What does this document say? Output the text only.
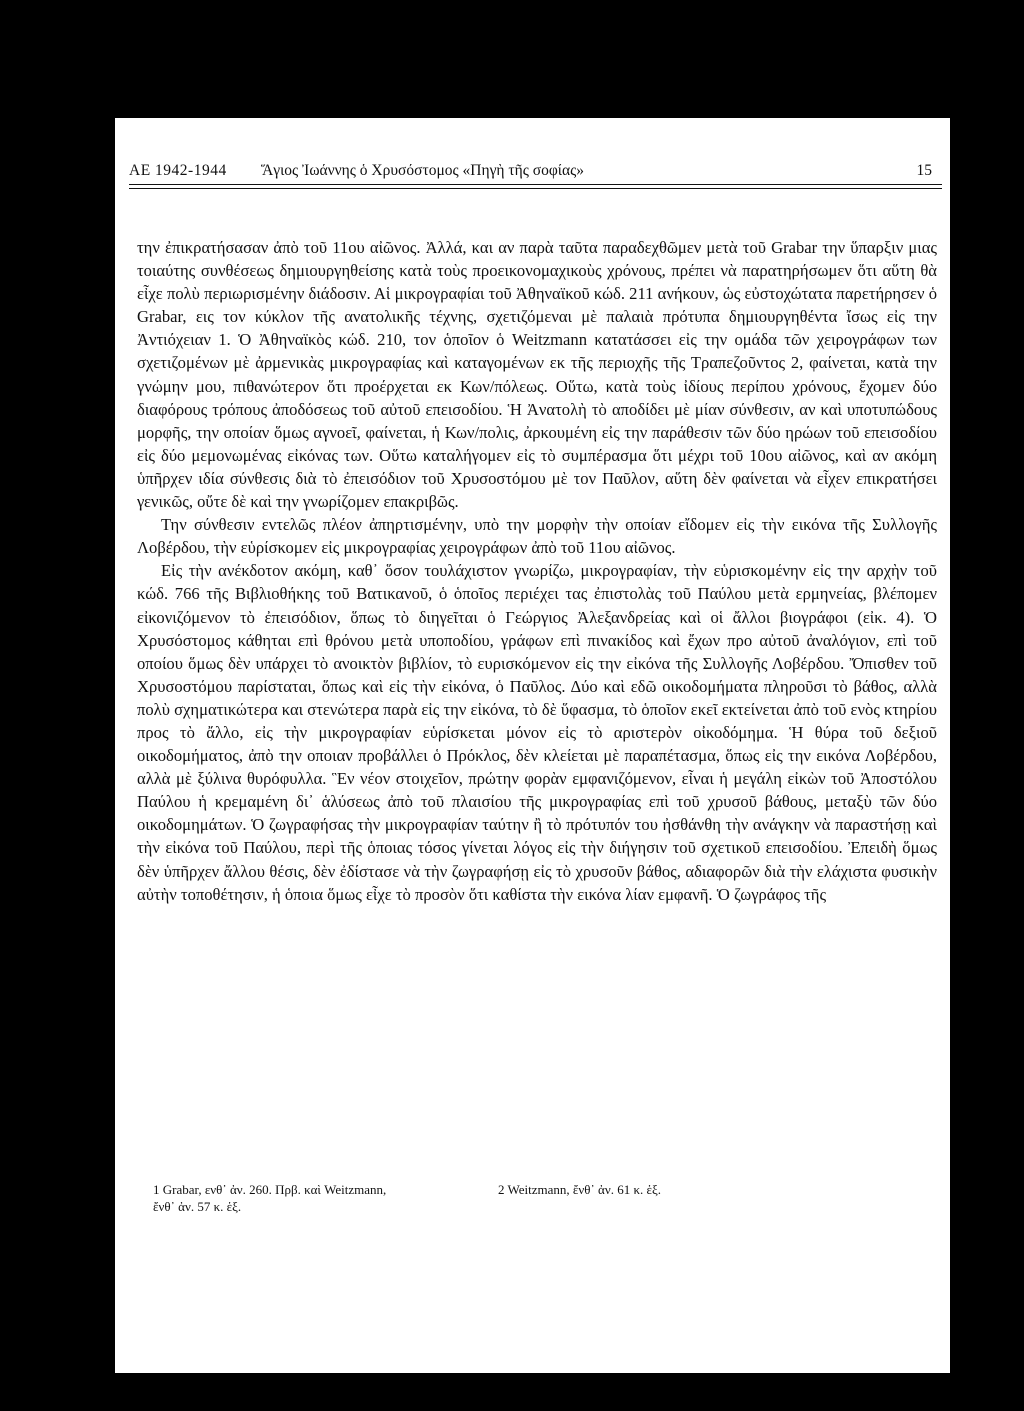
ΑΕ 1942-1944 Ἅγιος Ἰωάννης ὁ Χρυσόστομος «Πηγὴ τῆς σοφίας»	15

την ἐπικρατήσασαν ἀπὸ τοῦ 11ου αἰῶνος. Ἀλλά, και αν παρὰ ταῦτα παραδεχθῶμεν μετὰ τοῦ Grabar την ὕπαρξιν μιας τοιαύτης συνθέσεως δημιουργηθείσης κατὰ τοὺς προεικονομαχικοὺς χρόνους, πρέπει νὰ παρατηρήσωμεν ὅτι αὕτη θὰ εἶχε πολὺ περιωρισμένην διάδοσιν. Αἱ μικρογραφίαι τοῦ Ἀθηναϊκοῦ κώδ. 211 ανήκουν, ὡς εὐστοχώτατα παρετήρησεν ὁ Grabar, εις τον κύκλον τῆς ανατολικῆς τέχνης, σχετιζόμεναι μὲ παλαιὰ πρότυπα δημιουργηθέντα ἴσως εἰς την Ἀντιόχειαν 1. Ὁ Ἀθηναϊκὸς κώδ. 210, τον ὁποῖον ὁ Weitzmann κατατάσσει εἰς την ομάδα τῶν χειρογράφων των σχετιζομένων μὲ ἀρμενικὰς μικρογραφίας καὶ καταγομένων εκ τῆς περιοχῆς τῆς Τραπεζοῦντος 2, φαίνεται, κατὰ την γνώμην μου, πιθανώτερον ὅτι προέρχεται εκ Κων/πόλεως. Οὕτω, κατὰ τοὺς ἰδίους περίπου χρόνους, ἔχομεν δύο διαφόρους τρόπους ἀποδόσεως τοῦ αὐτοῦ επεισοδίου. Ἡ Ἀνατολὴ τὸ αποδίδει μὲ μίαν σύνθεσιν, αν καὶ υποτυπώδους μορφῆς, την οποίαν ὅμως αγνοεῖ, φαίνεται, ἡ Κων/πολις, ἀρκουμένη εἰς την παράθεσιν τῶν δύο ηρώων τοῦ επεισοδίου εἰς δύο μεμονωμένας εἰκόνας των. Οὕτω καταλήγομεν εἰς τὸ συμπέρασμα ὅτι μέχρι τοῦ 10ου αἰῶνος, καὶ αν ακόμη ὑπῆρχεν ιδία σύνθεσις διὰ τὸ ἐπεισόδιον τοῦ Χρυσοστόμου μὲ τον Παῦλον, αὕτη δὲν φαίνεται νὰ εἶχεν επικρατήσει γενικῶς, οὔτε δὲ καὶ την γνωρίζομεν επακριβῶς.

Την σύνθεσιν εντελῶς πλέον ἀπηρτισμένην, υπὸ την μορφὴν τὴν οποίαν εἴδομεν εἰς τὴν εικόνα τῆς Συλλογῆς Λοβέρδου, τὴν εὑρίσκομεν εἰς μικρογραφίας χειρογράφων ἀπὸ τοῦ 11ου αἰῶνος.

Εἰς τὴν ανέκδοτον ακόμη, καθ᾽ ὅσον τουλάχιστον γνωρίζω, μικρογραφίαν, τὴν εὑρισκομένην εἰς την αρχὴν τοῦ κώδ. 766 τῆς Βιβλιοθήκης τοῦ Βατικανοῦ, ὁ ὁποῖος περιέχει τας ἐπιστολὰς τοῦ Παύλου μετὰ ερμηνείας, βλέπομεν εἰκονιζόμενον τὸ ἐπεισόδιον, ὅπως τὸ διηγεῖται ὁ Γεώργιος Ἀλεξανδρείας καὶ οἱ ἄλλοι βιογράφοι (εἰκ. 4). Ὁ Χρυσόστομος κάθηται επὶ θρόνου μετὰ υποποδίου, γράφων επὶ πινακίδος καὶ ἔχων προ αὐτοῦ ἀναλόγιον, επὶ τοῦ οποίου ὅμως δὲν υπάρχει τὸ ανοικτὸν βιβλίον, τὸ ευρισκόμενον εἰς την εἰκόνα τῆς Συλλογῆς Λοβέρδου. Ὄπισθεν τοῦ Χρυσοστόμου παρίσταται, ὅπως καὶ εἰς τὴν εἰκόνα, ὁ Παῦλος. Δύο καὶ εδῶ οικοδομήματα πληροῦσι τὸ βάθος, αλλὰ πολὺ σχηματικώτερα και στενώτερα παρὰ εἰς την εἰκόνα, τὸ δὲ ὕφασμα, τὸ ὁποῖον εκεῖ εκτείνεται ἀπὸ τοῦ ενὸς κτηρίου προς τὸ ἄλλο, εἰς τὴν μικρογραφίαν εὑρίσκεται μόνον εἰς τὸ αριστερὸν οἰκοδόμημα. Ἡ θύρα τοῦ δεξιοῦ οικοδομήματος, ἀπὸ την οποιαν προβάλλει ὁ Πρόκλος, δὲν κλείεται μὲ παραπέτασμα, ὅπως εἰς την εικόνα Λοβέρδου, αλλὰ μὲ ξύλινα θυρόφυλλα. Ἓν νέον στοιχεῖον, πρώτην φορὰν εμφανιζόμενον, εἶναι ἡ μεγάλη εἰκὼν τοῦ Ἀποστόλου Παύλου ἡ κρεμαμένη δι᾽ ἁλύσεως ἀπὸ τοῦ πλαισίου τῆς μικρογραφίας επὶ τοῦ χρυσοῦ βάθους, μεταξὺ τῶν δύο οικοδομημάτων. Ὁ ζωγραφήσας τὴν μικρογραφίαν ταύτην ἢ τὸ πρότυπόν του ἠσθάνθη τὴν ανάγκην νὰ παραστήσῃ καὶ τὴν εἰκόνα τοῦ Παύλου, περὶ τῆς ὁποιας τόσος γίνεται λόγος εἰς τὴν διήγησιν τοῦ σχετικοῦ επεισοδίου. Ἐπειδὴ ὅμως δὲν ὑπῆρχεν ἄλλου θέσις, δὲν ἐδίστασε νὰ τὴν ζωγραφήσῃ εἰς τὸ χρυσοῦν βάθος, αδιαφορῶν διὰ τὴν ελάχιστα φυσικὴν αὐτὴν τοποθέτησιν, ἡ ὁποια ὅμως εἶχε τὸ προσὸν ὅτι καθίστα τὴν εικόνα λίαν εμφανῆ. Ὁ ζωγράφος τῆς

1 Grabar, ενθ᾽ ἀν. 260. Πρβ. καὶ Weitzmann,	2 Weitzmann, ἔνθ᾽ ἀν. 61 κ. ἑξ.
ἔνθ᾽ ἀν. 57 κ. ἑξ.
